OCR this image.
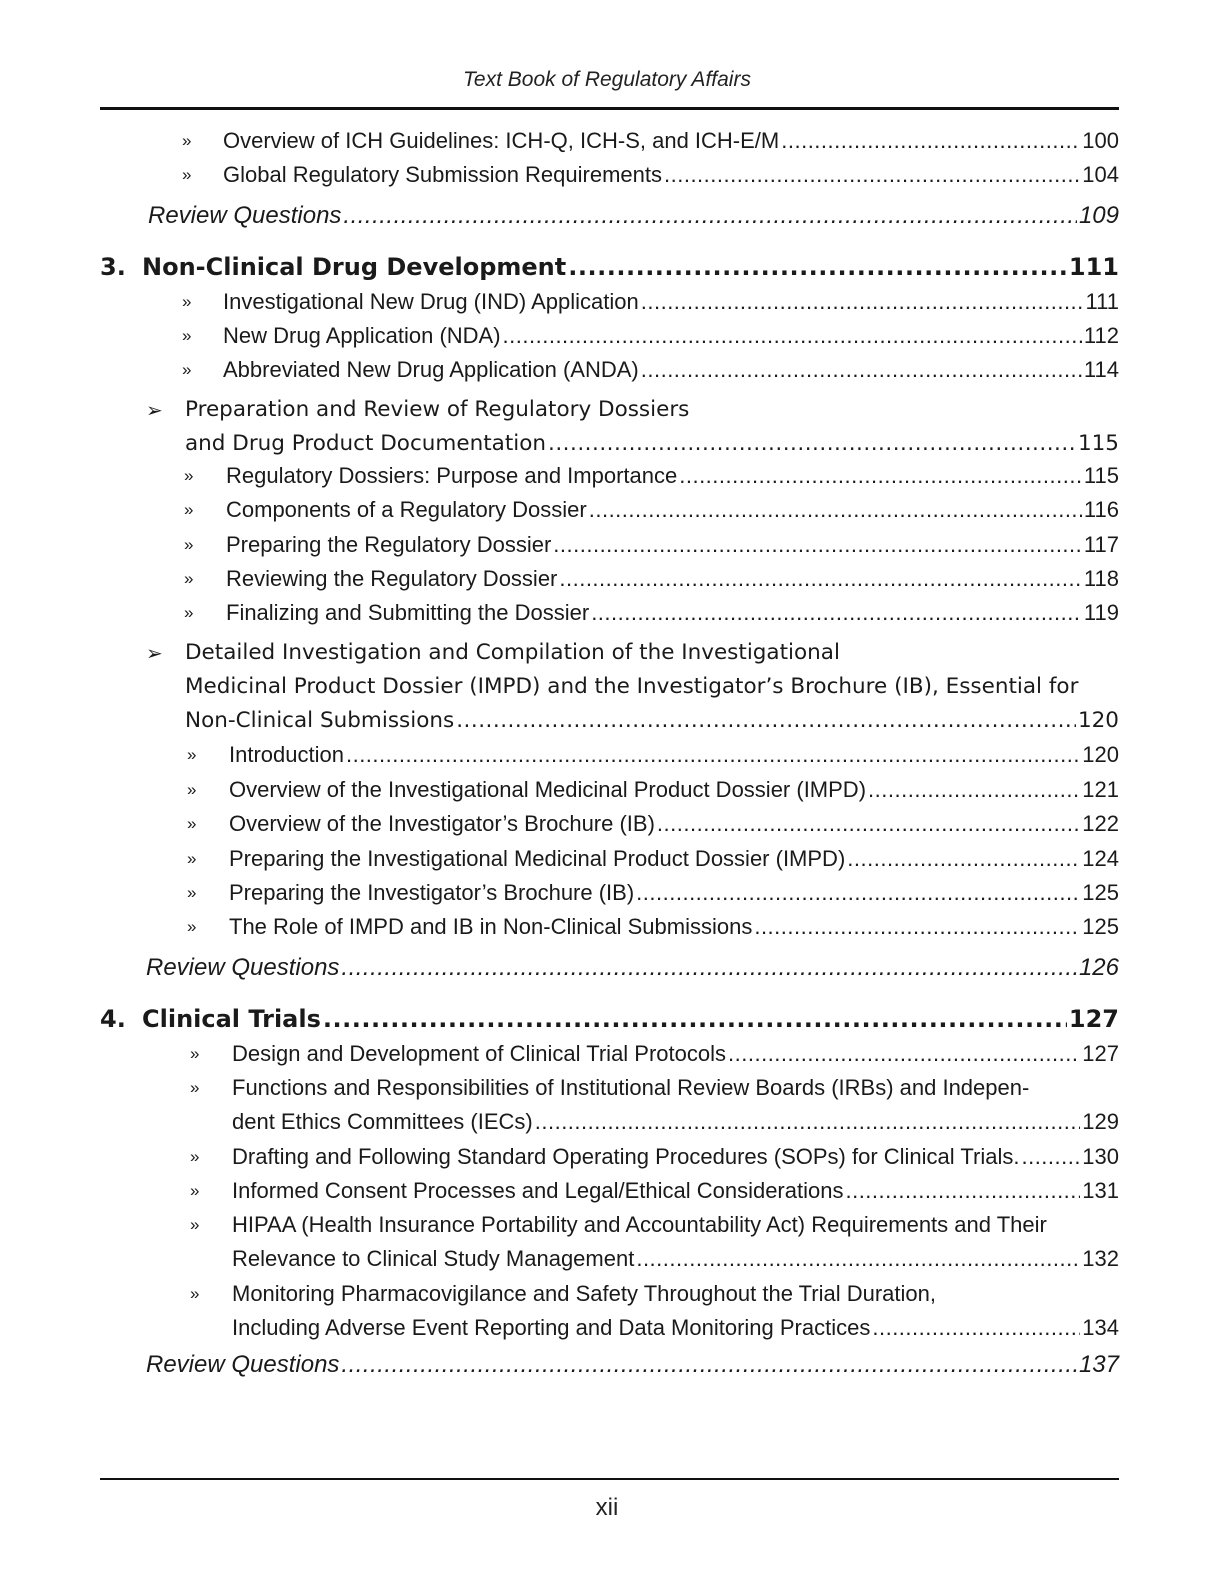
Text Book of Regulatory Affairs
» Overview of ICH Guidelines: ICH-Q, ICH-S, and ICH-E/M .....	100
» Global Regulatory Submission Requirements .....	104
Review Questions .....	109
3. Non-Clinical Drug Development .....	111
» Investigational New Drug (IND) Application .....	111
» New Drug Application (NDA) .....	112
» Abbreviated New Drug Application (ANDA) .....	114
➢ Preparation and Review of Regulatory Dossiers
and Drug Product Documentation .....	115
» Regulatory Dossiers: Purpose and Importance .....	115
» Components of a Regulatory Dossier .....	116
» Preparing the Regulatory Dossier .....	117
» Reviewing the Regulatory Dossier .....	118
» Finalizing and Submitting the Dossier .....	119
➢ Detailed Investigation and Compilation of the Investigational
Medicinal Product Dossier (IMPD) and the Investigator’s Brochure (IB), Essential for
Non-Clinical Submissions .....	120
» Introduction .....	120
» Overview of the Investigational Medicinal Product Dossier (IMPD) .....	121
» Overview of the Investigator’s Brochure (IB) .....	122
» Preparing the Investigational Medicinal Product Dossier (IMPD) .....	124
» Preparing the Investigator’s Brochure (IB) .....	125
» The Role of IMPD and IB in Non-Clinical Submissions .....	125
Review Questions .....	126
4. Clinical Trials .....	127
» Design and Development of Clinical Trial Protocols .....	127
» Functions and Responsibilities of Institutional Review Boards (IRBs) and Indepen-
dent Ethics Committees (IECs) .....	129
» Drafting and Following Standard Operating Procedures (SOPs) for Clinical Trials. .....	130
» Informed Consent Processes and Legal/Ethical Considerations .....	131
» HIPAA (Health Insurance Portability and Accountability Act) Requirements and Their
Relevance to Clinical Study Management .....	132
» Monitoring Pharmacovigilance and Safety Throughout the Trial Duration,
Including Adverse Event Reporting and Data Monitoring Practices .....	134
Review Questions .....	137
xii
